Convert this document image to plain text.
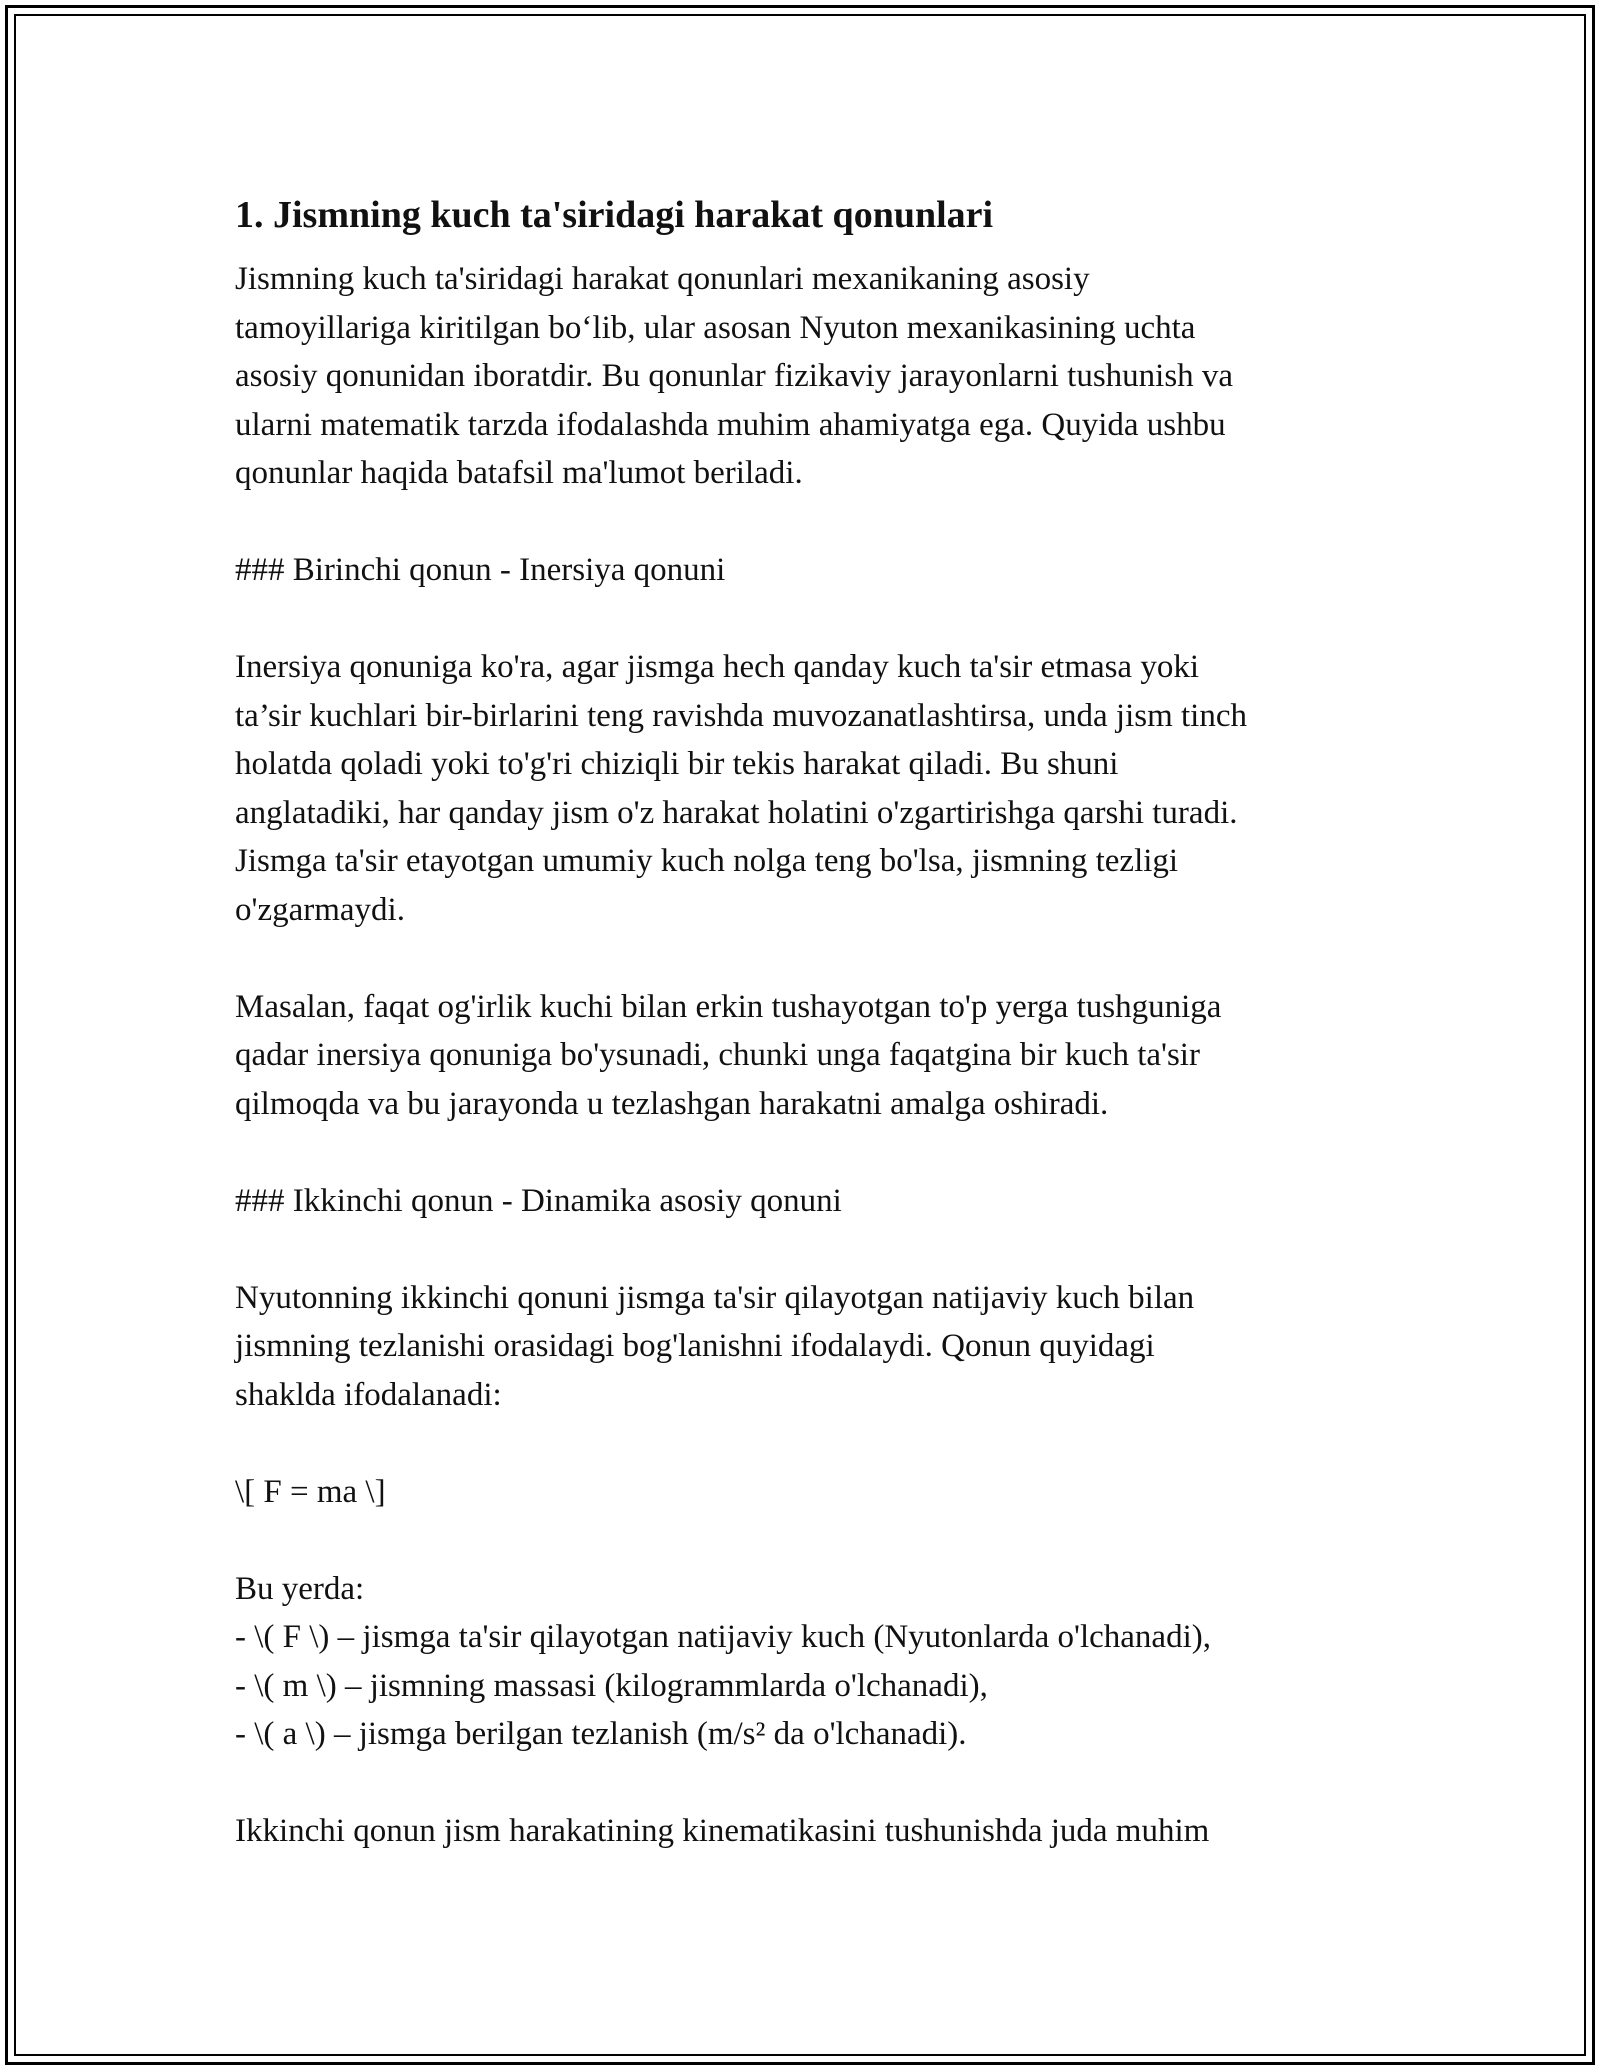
1. Jismning kuch ta'siridagi harakat qonunlari

Jismning kuch ta'siridagi harakat qonunlari mexanikaning asosiy
tamoyillariga kiritilgan bo‘lib, ular asosan Nyuton mexanikasining uchta
asosiy qonunidan iboratdir. Bu qonunlar fizikaviy jarayonlarni tushunish va
ularni matematik tarzda ifodalashda muhim ahamiyatga ega. Quyida ushbu
qonunlar haqida batafsil ma'lumot beriladi.

### Birinchi qonun - Inersiya qonuni

Inersiya qonuniga ko'ra, agar jismga hech qanday kuch ta'sir etmasa yoki
ta’sir kuchlari bir-birlarini teng ravishda muvozanatlashtirsa, unda jism tinch
holatda qoladi yoki to'g'ri chiziqli bir tekis harakat qiladi. Bu shuni
anglatadiki, har qanday jism o'z harakat holatini o'zgartirishga qarshi turadi.
Jismga ta'sir etayotgan umumiy kuch nolga teng bo'lsa, jismning tezligi
o'zgarmaydi.

Masalan, faqat og'irlik kuchi bilan erkin tushayotgan to'p yerga tushguniga
qadar inersiya qonuniga bo'ysunadi, chunki unga faqatgina bir kuch ta'sir
qilmoqda va bu jarayonda u tezlashgan harakatni amalga oshiradi.

### Ikkinchi qonun - Dinamika asosiy qonuni

Nyutonning ikkinchi qonuni jismga ta'sir qilayotgan natijaviy kuch bilan
jismning tezlanishi orasidagi bog'lanishni ifodalaydi. Qonun quyidagi
shaklda ifodalanadi:

\[ F = ma \]

Bu yerda:

- \( F \) – jismga ta'sir qilayotgan natijaviy kuch (Nyutonlarda o'lchanadi),

- \( m \) – jismning massasi (kilogrammlarda o'lchanadi),

- \( a \) – jismga berilgan tezlanish (m/s² da o'lchanadi).

Ikkinchi qonun jism harakatining kinematikasini tushunishda juda muhim
